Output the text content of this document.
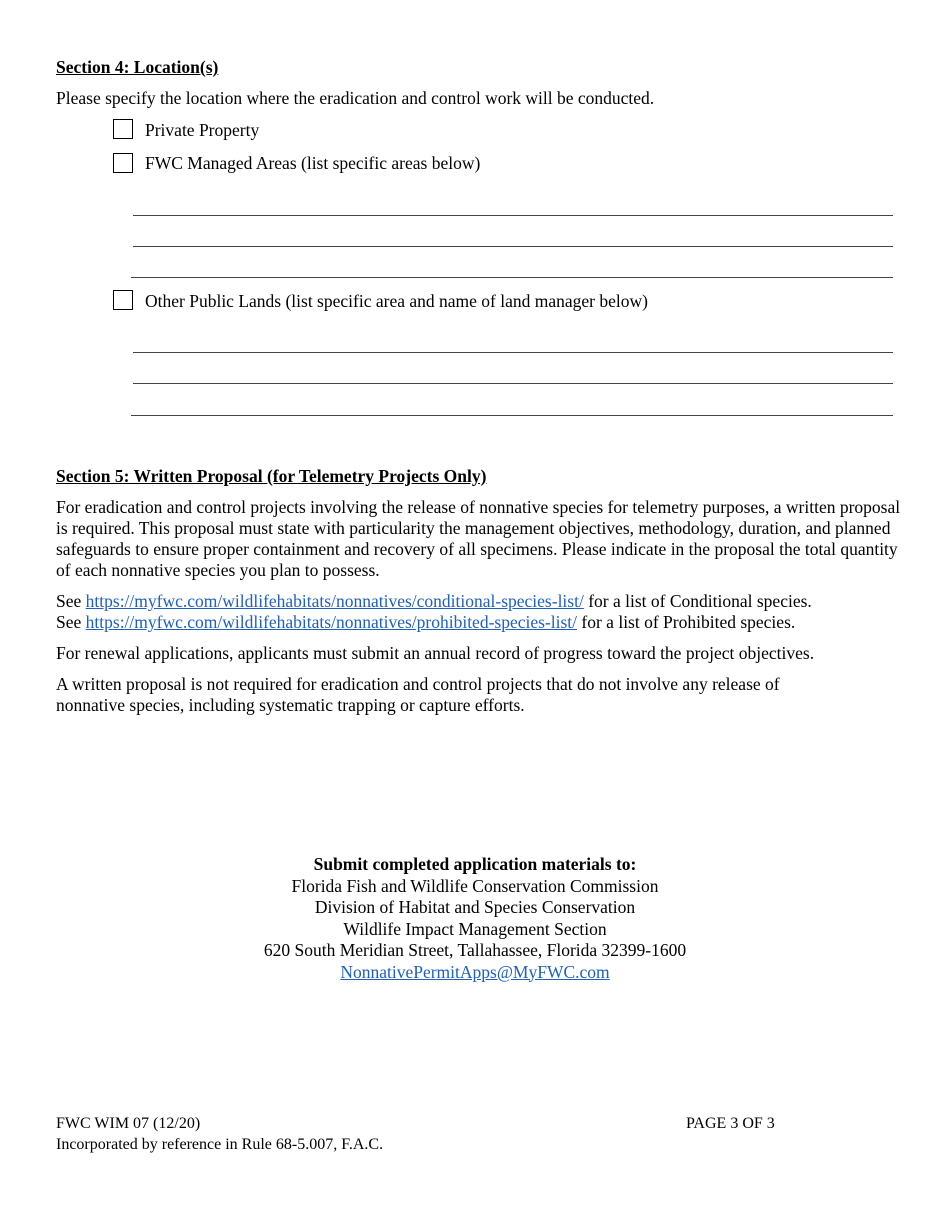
Section 4: Location(s)
Please specify the location where the eradication and control work will be conducted.
Private Property
FWC Managed Areas (list specific areas below)
Other Public Lands (list specific area and name of land manager below)
Section 5: Written Proposal (for Telemetry Projects Only)
For eradication and control projects involving the release of nonnative species for telemetry purposes, a written proposal is required. This proposal must state with particularity the management objectives, methodology, duration, and planned safeguards to ensure proper containment and recovery of all specimens. Please indicate in the proposal the total quantity of each nonnative species you plan to possess.
See https://myfwc.com/wildlifehabitats/nonnatives/conditional-species-list/ for a list of Conditional species.
See https://myfwc.com/wildlifehabitats/nonnatives/prohibited-species-list/ for a list of Prohibited species.
For renewal applications, applicants must submit an annual record of progress toward the project objectives.
A written proposal is not required for eradication and control projects that do not involve any release of nonnative species, including systematic trapping or capture efforts.
Submit completed application materials to:
Florida Fish and Wildlife Conservation Commission
Division of Habitat and Species Conservation
Wildlife Impact Management Section
620 South Meridian Street, Tallahassee, Florida 32399-1600
NonnativePermitApps@MyFWC.com
FWC WIM 07 (12/20)
Incorporated by reference in Rule 68-5.007, F.A.C.
PAGE 3 OF 3
